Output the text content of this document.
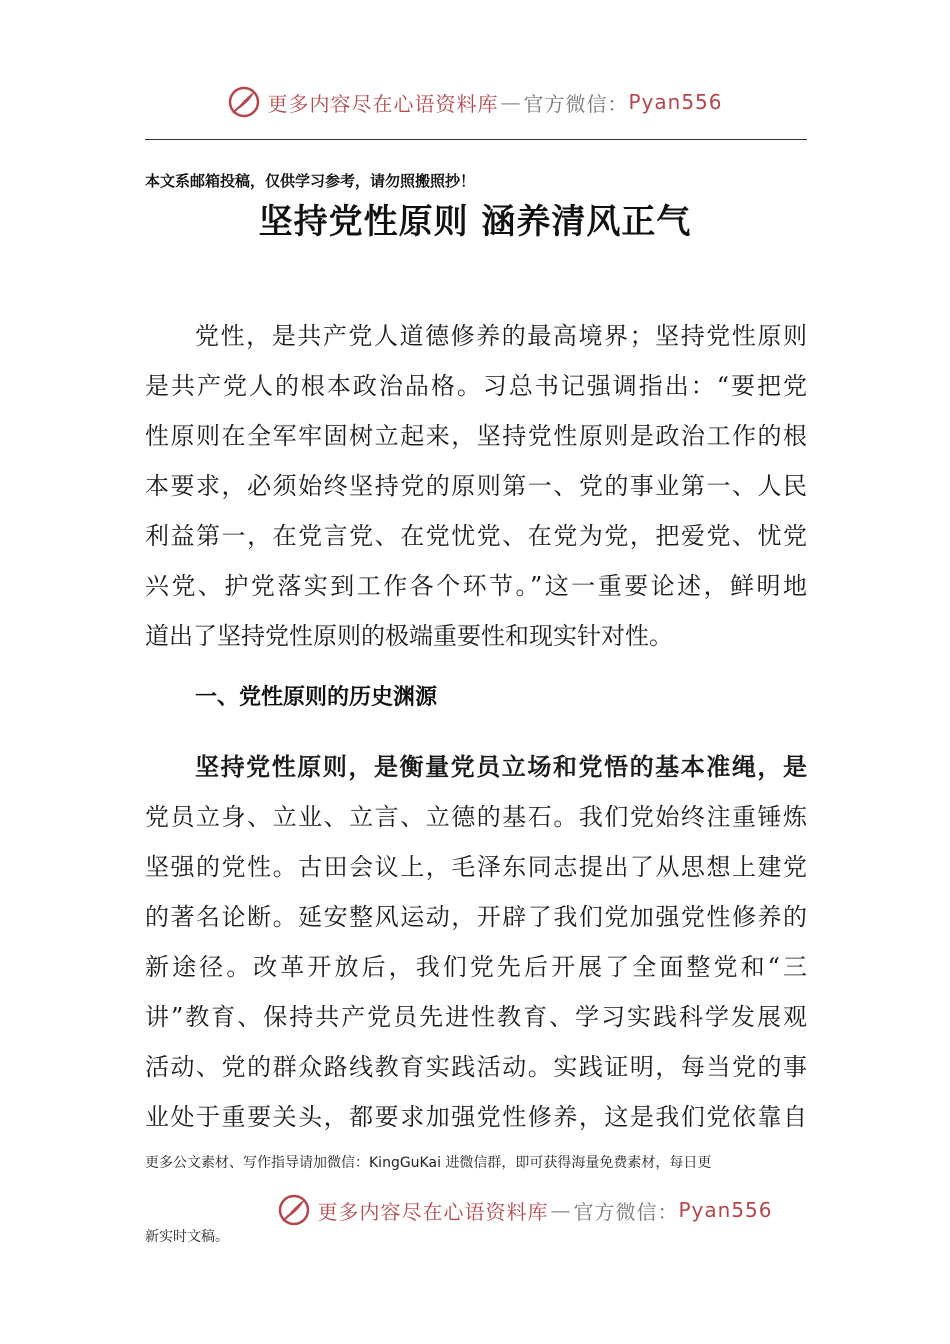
更多内容尽在心语资料库 — 官方微信： Pyan556
本文系邮箱投稿，仅供学习参考，请勿照搬照抄！
坚持党性原则 涵养清风正气
党性，是共产党人道德修养的最高境界；坚持党性原则
是共产党人的根本政治品格。习总书记强调指出：“要把党
性原则在全军牢固树立起来，坚持党性原则是政治工作的根
本要求，必须始终坚持党的原则第一、党的事业第一、人民
利益第一，在党言党、在党忧党、在党为党，把爱党、忧党
兴党、护党落实到工作各个环节。”这一重要论述，鲜明地
道出了坚持党性原则的极端重要性和现实针对性。
一、党性原则的历史渊源
坚持党性原则，是衡量党员立场和党悟的基本准绳，是
党员立身、立业、立言、立德的基石。我们党始终注重锤炼
坚强的党性。古田会议上，毛泽东同志提出了从思想上建党
的著名论断。延安整风运动，开辟了我们党加强党性修养的
新途径。改革开放后，我们党先后开展了全面整党和“三
讲”教育、保持共产党员先进性教育、学习实践科学发展观
活动、党的群众路线教育实践活动。实践证明，每当党的事
业处于重要关头，都要求加强党性修养，这是我们党依靠自
更多公文素材、写作指导请加微信：KingGuKai 进微信群，即可获得海量免费素材，每日更
更多内容尽在心语资料库 — 官方微信： Pyan556
新实时文稿。
